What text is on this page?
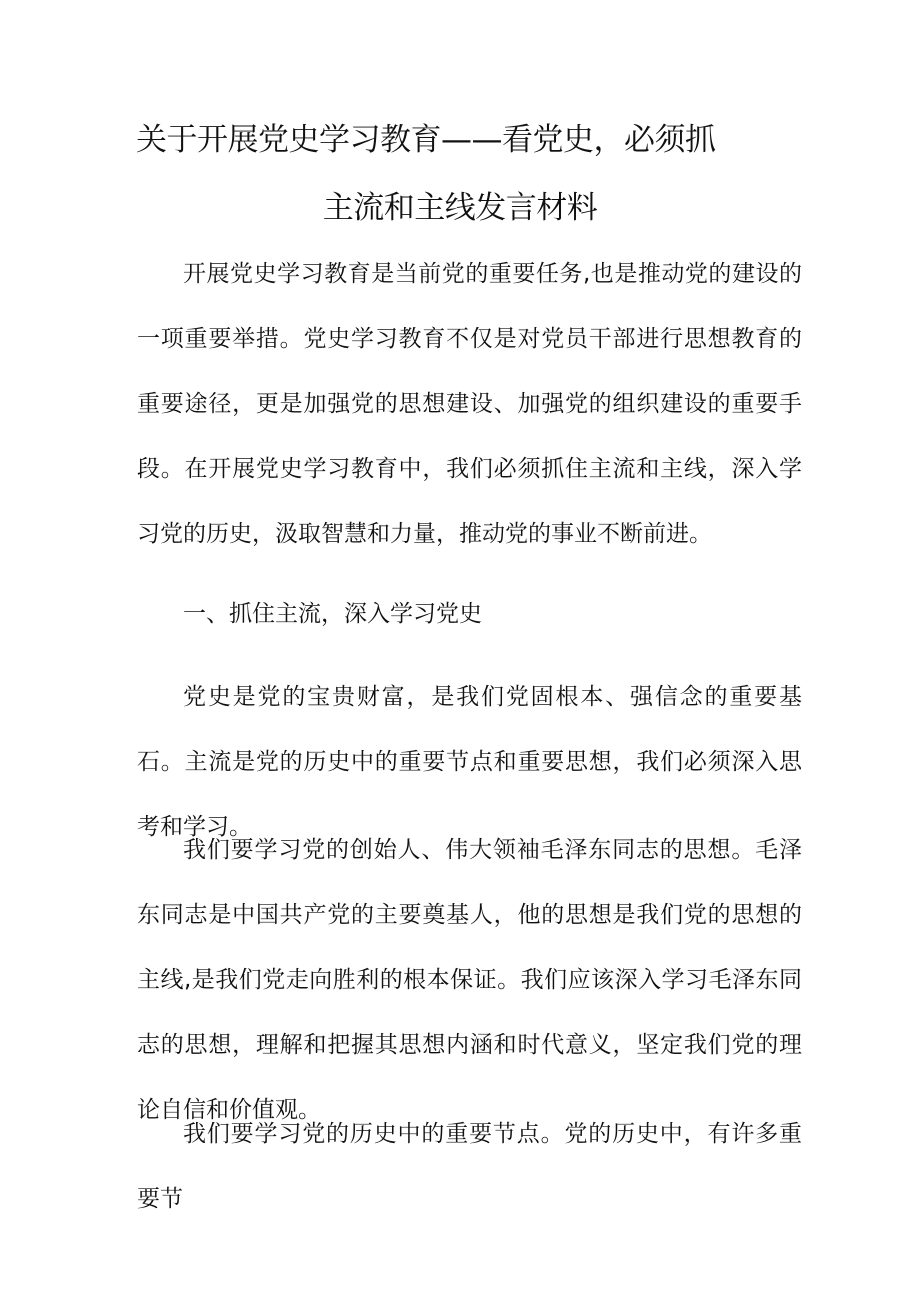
关于开展党史学习教育——看党史，必须抓
主流和主线发言材料

开展党史学习教育是当前党的重要任务,也是推动党的建设的一项重要举措。党史学习教育不仅是对党员干部进行思想教育的重要途径，更是加强党的思想建设、加强党的组织建设的重要手段。在开展党史学习教育中，我们必须抓住主流和主线，深入学习党的历史，汲取智慧和力量，推动党的事业不断前进。

一、抓住主流，深入学习党史

党史是党的宝贵财富，是我们党固根本、强信念的重要基石。主流是党的历史中的重要节点和重要思想，我们必须深入思考和学习。

我们要学习党的创始人、伟大领袖毛泽东同志的思想。毛泽东同志是中国共产党的主要奠基人，他的思想是我们党的思想的主线,是我们党走向胜利的根本保证。我们应该深入学习毛泽东同志的思想，理解和把握其思想内涵和时代意义，坚定我们党的理论自信和价值观。

我们要学习党的历史中的重要节点。党的历史中，有许多重要节
